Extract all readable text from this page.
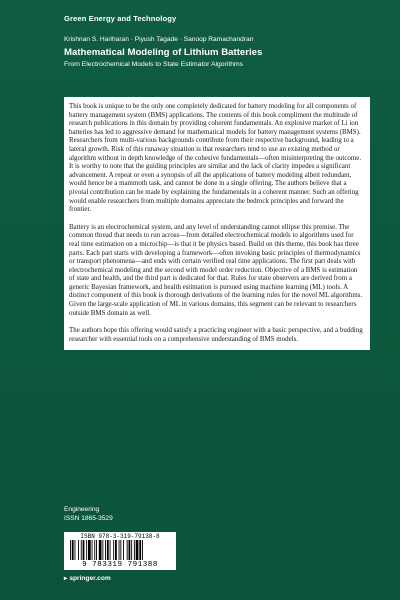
Green Energy and Technology
Krishnan S. Hariharan · Piyush Tagade · Sanoop Ramachandran
Mathematical Modeling of Lithium Batteries
From Electrochemical Models to State Estimator Algorithms

This book is unique to be the only one completely dedicated for battery modeling for all components of battery management system (BMS) applications. The contents of this book compliment the multitude of research publications in this domain by providing coherent fundamentals. An explosive market of Li ion batteries has led to aggressive demand for mathematical models for battery management systems (BMS). Researchers from multi-various backgrounds contribute from their respective background, leading to a lateral growth. Risk of this runaway situation is that researchers tend to use an existing method or algorithm without in depth knowledge of the cohesive fundamentals—often misinterpreting the outcome. It is worthy to note that the guiding principles are similar and the lack of clarity impedes a significant advancement. A repeat or even a synopsis of all the applications of battery modeling albeit redundant, would hence be a mammoth task, and cannot be done in a single offering. The authors believe that a pivotal contribution can be made by explaining the fundamentals in a coherent manner. Such an offering would enable researchers from multiple domains appreciate the bedrock principles and forward the frontier.

Battery is an electrochemical system, and any level of understanding cannot ellipse this premise. The common thread that needs to run across—from detailed electrochemical models to algorithms used for real time estimation on a microchip—is that it be physics based. Build on this theme, this book has three parts. Each part starts with developing a framework—often invoking basic principles of thermodynamics or transport phenomena—and ends with certain verified real time applications. The first part deals with electrochemical modeling and the second with model order reduction. Objective of a BMS is estimation of state and health, and the third part is dedicated for that. Rules for state observers are derived from a generic Bayesian framework, and health estimation is pursued using machine learning (ML) tools. A distinct component of this book is thorough derivations of the learning rules for the novel ML algorithms. Given the large-scale application of ML in various domains, this segment can be relevant to researchers outside BMS domain as well.

The authors hope this offering would satisfy a practicing engineer with a basic perspective, and a budding researcher with essential tools on a comprehensive understanding of BMS models.

Engineering
ISSN 1865-3529
ISBN 978-3-319-79138-8
9 783319 791388
▸ springer.com
